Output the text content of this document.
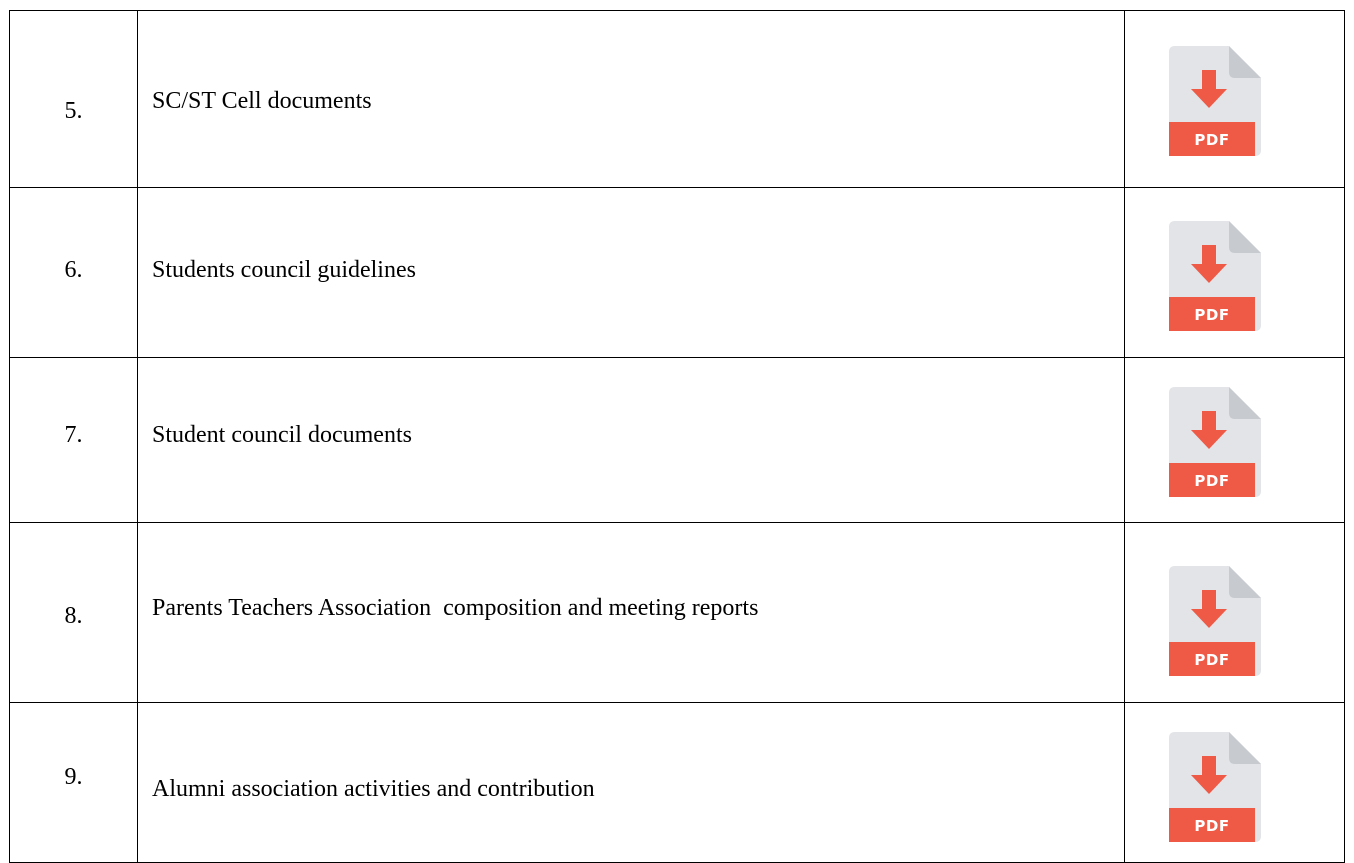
5.	SC/ST Cell documents	PDF

6.	Students council guidelines	PDF

7.	Student council documents	PDF

8.	Parents Teachers Association  composition and meeting reports	PDF

9.	Alumni association activities and contribution	PDF
